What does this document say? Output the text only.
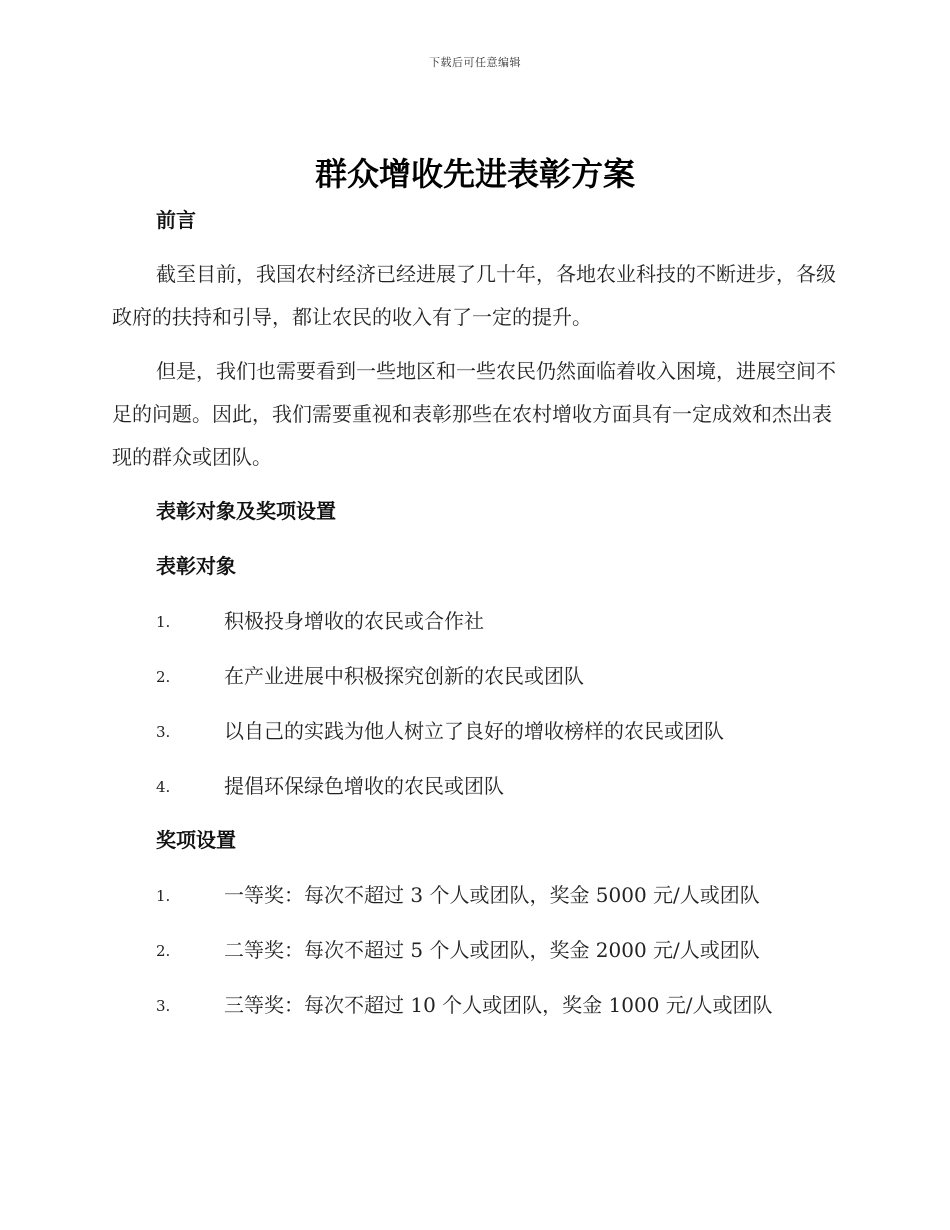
下载后可任意编辑
群众增收先进表彰方案
前言

截至目前，我国农村经济已经进展了几十年，各地农业科技的不断进步，各级政府的扶持和引导，都让农民的收入有了一定的提升。

但是，我们也需要看到一些地区和一些农民仍然面临着收入困境，进展空间不足的问题。因此，我们需要重视和表彰那些在农村增收方面具有一定成效和杰出表现的群众或团队。

表彰对象及奖项设置
表彰对象
1.	积极投身增收的农民或合作社
2.	在产业进展中积极探究创新的农民或团队
3.	以自己的实践为他人树立了良好的增收榜样的农民或团队
4.	提倡环保绿色增收的农民或团队
奖项设置
1.	一等奖：每次不超过 3 个人或团队，奖金 5000 元/人或团队
2.	二等奖：每次不超过 5 个人或团队，奖金 2000 元/人或团队
3.	三等奖：每次不超过 10 个人或团队，奖金 1000 元/人或团队
